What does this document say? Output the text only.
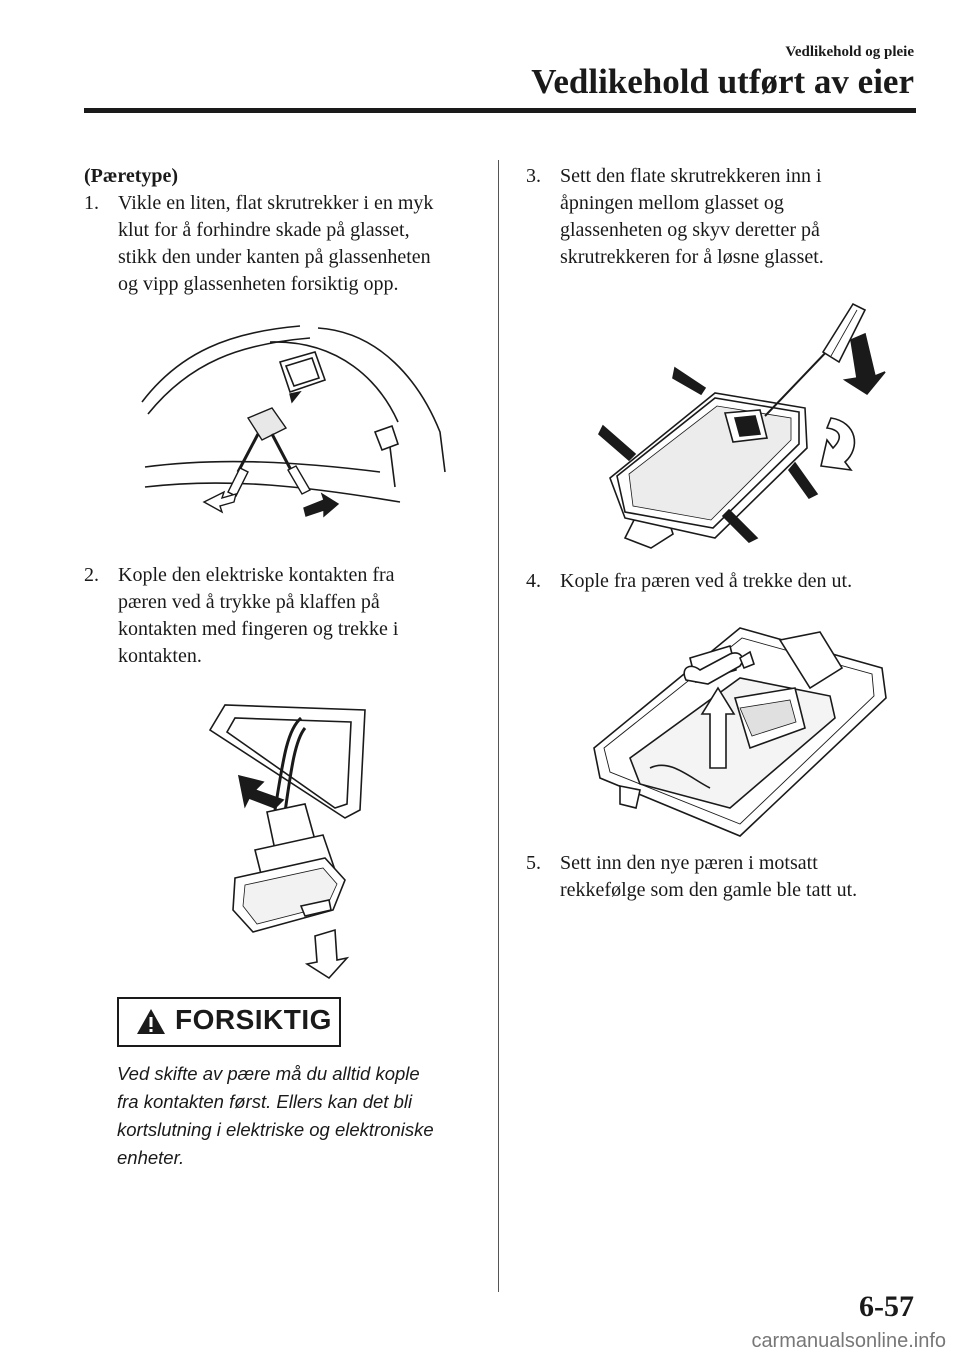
Vedlikehold og pleie
Vedlikehold utført av eier
(Pæretype)
1. Vikle en liten, flat skrutrekker i en myk
klut for å forhindre skade på glasset,
stikk den under kanten på glassenheten
og vipp glassenheten forsiktig opp.
2. Kople den elektriske kontakten fra
pæren ved å trykke på klaffen på
kontakten med fingeren og trekke i
kontakten.
FORSIKTIG
Ved skifte av pære må du alltid kople
fra kontakten først. Ellers kan det bli
kortslutning i elektriske og elektroniske
enheter.
3. Sett den flate skrutrekkeren inn i
åpningen mellom glasset og
glassenheten og skyv deretter på
skrutrekkeren for å løsne glasset.
4. Kople fra pæren ved å trekke den ut.
5. Sett inn den nye pæren i motsatt
rekkefølge som den gamle ble tatt ut.
6-57
carmanualsonline.info
